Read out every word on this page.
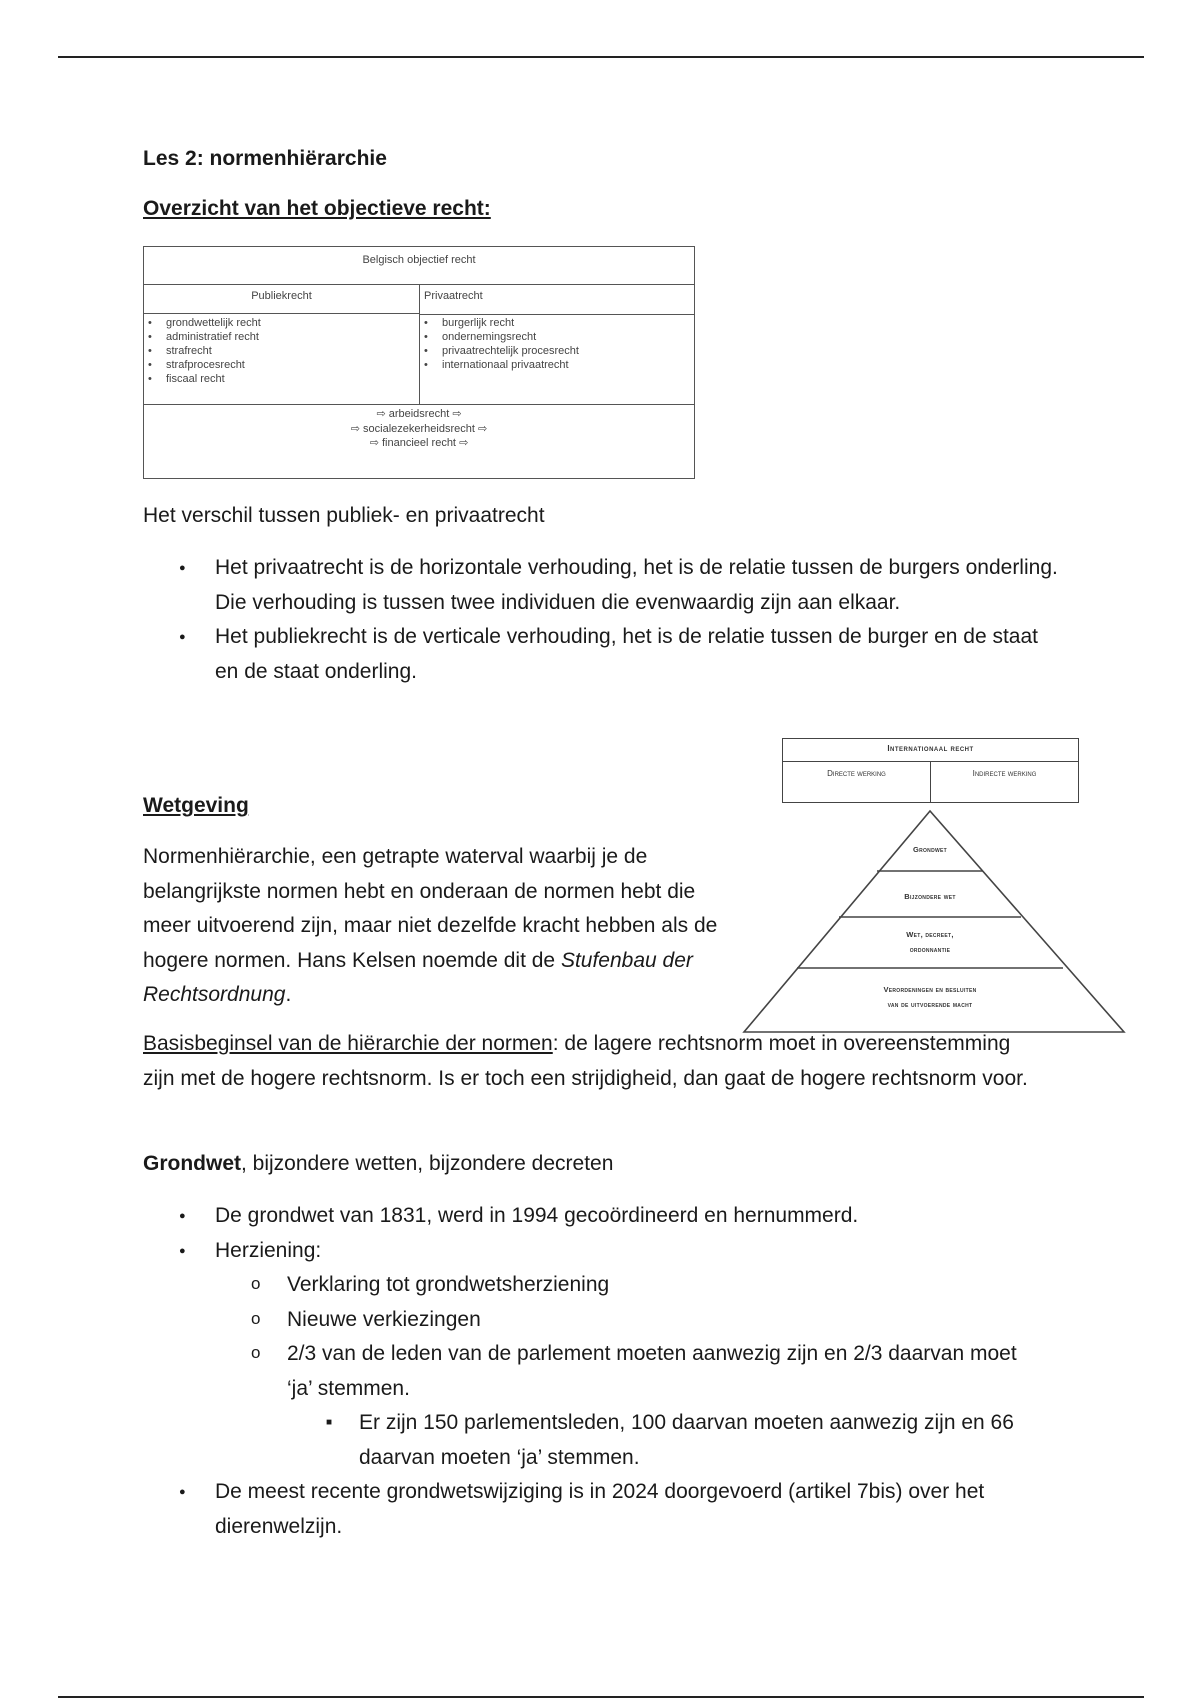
Les 2: normenhiërarchie
Overzicht van het objectieve recht:
Belgisch objectief recht
Publiekrecht	Privaatrecht
• grondwettelijk recht
• administratief recht
• strafrecht
• strafprocesrecht
• fiscaal recht
• burgerlijk recht
• ondernemingsrecht
• privaatrechtelijk procesrecht
• internationaal privaatrecht
⇨ arbeidsrecht ⇨
⇨ socialezekerheidsrecht ⇨
⇨ financieel recht ⇨
Het verschil tussen publiek- en privaatrecht
● Het privaatrecht is de horizontale verhouding, het is de relatie tussen de burgers onderling. Die verhouding is tussen twee individuen die evenwaardig zijn aan elkaar.
● Het publiekrecht is de verticale verhouding, het is de relatie tussen de burger en de staat en de staat onderling.
Wetgeving
Normenhiërarchie, een getrapte waterval waarbij je de belangrijkste normen hebt en onderaan de normen hebt die meer uitvoerend zijn, maar niet dezelfde kracht hebben als de hogere normen. Hans Kelsen noemde dit de Stufenbau der Rechtsordnung.
Basisbeginsel van de hiërarchie der normen: de lagere rechtsnorm moet in overeenstemming zijn met de hogere rechtsnorm. Is er toch een strijdigheid, dan gaat de hogere rechtsnorm voor.
Grondwet, bijzondere wetten, bijzondere decreten
● De grondwet van 1831, werd in 1994 gecoördineerd en hernummerd.
● Herziening:
o Verklaring tot grondwetsherziening
o Nieuwe verkiezingen
o 2/3 van de leden van de parlement moeten aanwezig zijn en 2/3 daarvan moet ‘ja’ stemmen.
■ Er zijn 150 parlementsleden, 100 daarvan moeten aanwezig zijn en 66 daarvan moeten ‘ja’ stemmen.
● De meest recente grondwetswijziging is in 2024 doorgevoerd (artikel 7bis) over het dierenwelzijn.
Internationaal recht
Directe werking	Indirecte werking
Grondwet
Bijzondere wet
Wet, decreet,
ordonnantie
Verordeningen en besluiten
van de uitvoerende macht
